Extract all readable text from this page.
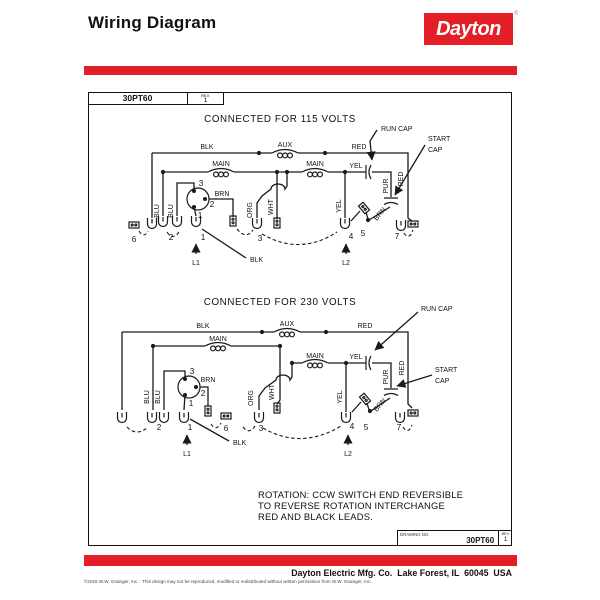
Wiring Diagram	Dayton
®
30PT60	REV.
1
CONNECTED FOR 115 VOLTS
BLK	AUX	RED
MAIN	MAIN	YEL
RUN CAP
START
CAP
PUR RED
YEL
WHT
ORG
BLU BLU	BRN
BRN
3
2
1
6	2	1	3	4 5	7
L1	L2
BLK
CONNECTED FOR 230 VOLTS
BLK	AUX	RED
MAIN
MAIN	YEL
RUN CAP
START
CAP
PUR
RED
YEL
WHT
ORG
BLU BLU
BRN
BRN
3
2
1
2	1	6	3	4 5	7
L1	L2
BLK
ROTATION: CCW SWITCH END REVERSIBLE
TO REVERSE ROTATION INTERCHANGE
RED AND BLACK LEADS.
DRAWING NO.
30PT60
REV.
1
Dayton Electric Mfg. Co.  Lake Forest, IL  60045  USA
©2015 W.W. Grainger, Inc.   This design may not be reproduced, modified or redistributed without written permission from W.W. Grainger, Inc.
